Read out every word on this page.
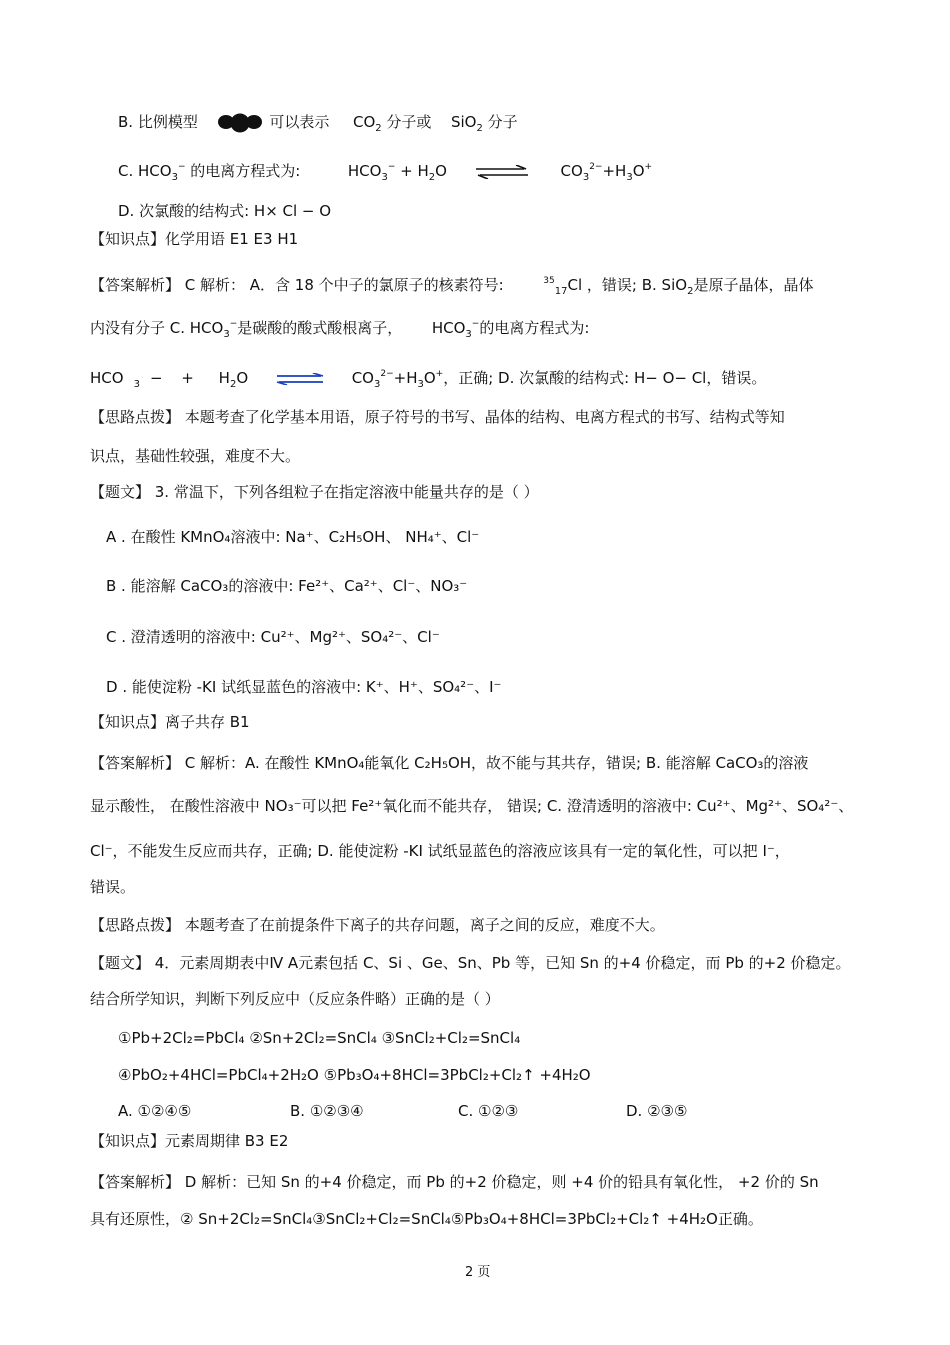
B. 比例模型	可以表示 $CO_2$ 分子或 SiO$_2$ 分子
C. $HCO_3^-$ 的电离方程式为:	$HCO_3^- + H_2O$	$CO_3^{2-}+H_3O^+$
D. 次氯酸的结构式: H× Cl − O
【知识点】化学用语 E1 E3 H1
【答案解析】 C 解析： A．含 18 个中子的氯原子的核素符号:	$^{35}_{17}$Cl ，错误; B. SiO$_2$是原子晶体，晶体
内没有分子 C. $HCO_3^-$是碳酸的酸式酸根离子， $HCO_3^-$的电离方程式为:
HCO $_3$ − + $H_2O$	$CO_3^{2-}+H_3O^+$，正确; D. 次氯酸的结构式: H− O− Cl，错误。
【思路点拨】 本题考查了化学基本用语，原子符号的书写、晶体的结构、电离方程式的书写、结构式等知
识点，基础性较强，难度不大。
【题文】 3. 常温下，下列各组粒子在指定溶液中能量共存的是（ ）
A . 在酸性 KMnO₄溶液中: Na⁺、C₂H₅OH、 NH₄⁺、Cl⁻
B . 能溶解 CaCO₃的溶液中: Fe²⁺、Ca²⁺、Cl⁻、NO₃⁻
C . 澄清透明的溶液中: Cu²⁺、Mg²⁺、SO₄²⁻、Cl⁻
D . 能使淀粉 -KI 试纸显蓝色的溶液中: K⁺、H⁺、SO₄²⁻、I⁻
【知识点】离子共存 B1
【答案解析】 C 解析：A. 在酸性 KMnO₄能氧化 C₂H₅OH，故不能与其共存，错误; B. 能溶解 CaCO₃的溶液
显示酸性， 在酸性溶液中 NO₃⁻可以把 Fe²⁺氧化而不能共存， 错误; C. 澄清透明的溶液中: Cu²⁺、Mg²⁺、SO₄²⁻、
Cl⁻，不能发生反应而共存，正确; D. 能使淀粉 -KI 试纸显蓝色的溶液应该具有一定的氧化性，可以把 I⁻，
错误。
【思路点拨】 本题考查了在前提条件下离子的共存问题，离子之间的反应，难度不大。
【题文】 4．元素周期表中Ⅳ A元素包括 C、Si 、Ge、Sn、Pb 等，已知 Sn 的+4 价稳定，而 Pb 的+2 价稳定。
结合所学知识，判断下列反应中（反应条件略）正确的是（ ）
①Pb+2Cl₂=PbCl₄ ②Sn+2Cl₂=SnCl₄ ③SnCl₂+Cl₂=SnCl₄
④PbO₂+4HCl=PbCl₄+2H₂O ⑤Pb₃O₄+8HCl=3PbCl₂+Cl₂↑ +4H₂O
A. ①②④⑤	B. ①②③④	C. ①②③	D. ②③⑤
【知识点】元素周期律 B3 E2
【答案解析】 D 解析：已知 Sn 的+4 价稳定，而 Pb 的+2 价稳定，则 +4 价的铅具有氧化性， +2 价的 Sn
具有还原性，② Sn+2Cl₂=SnCl₄③SnCl₂+Cl₂=SnCl₄⑤Pb₃O₄+8HCl=3PbCl₂+Cl₂↑ +4H₂O正确。
2 页
